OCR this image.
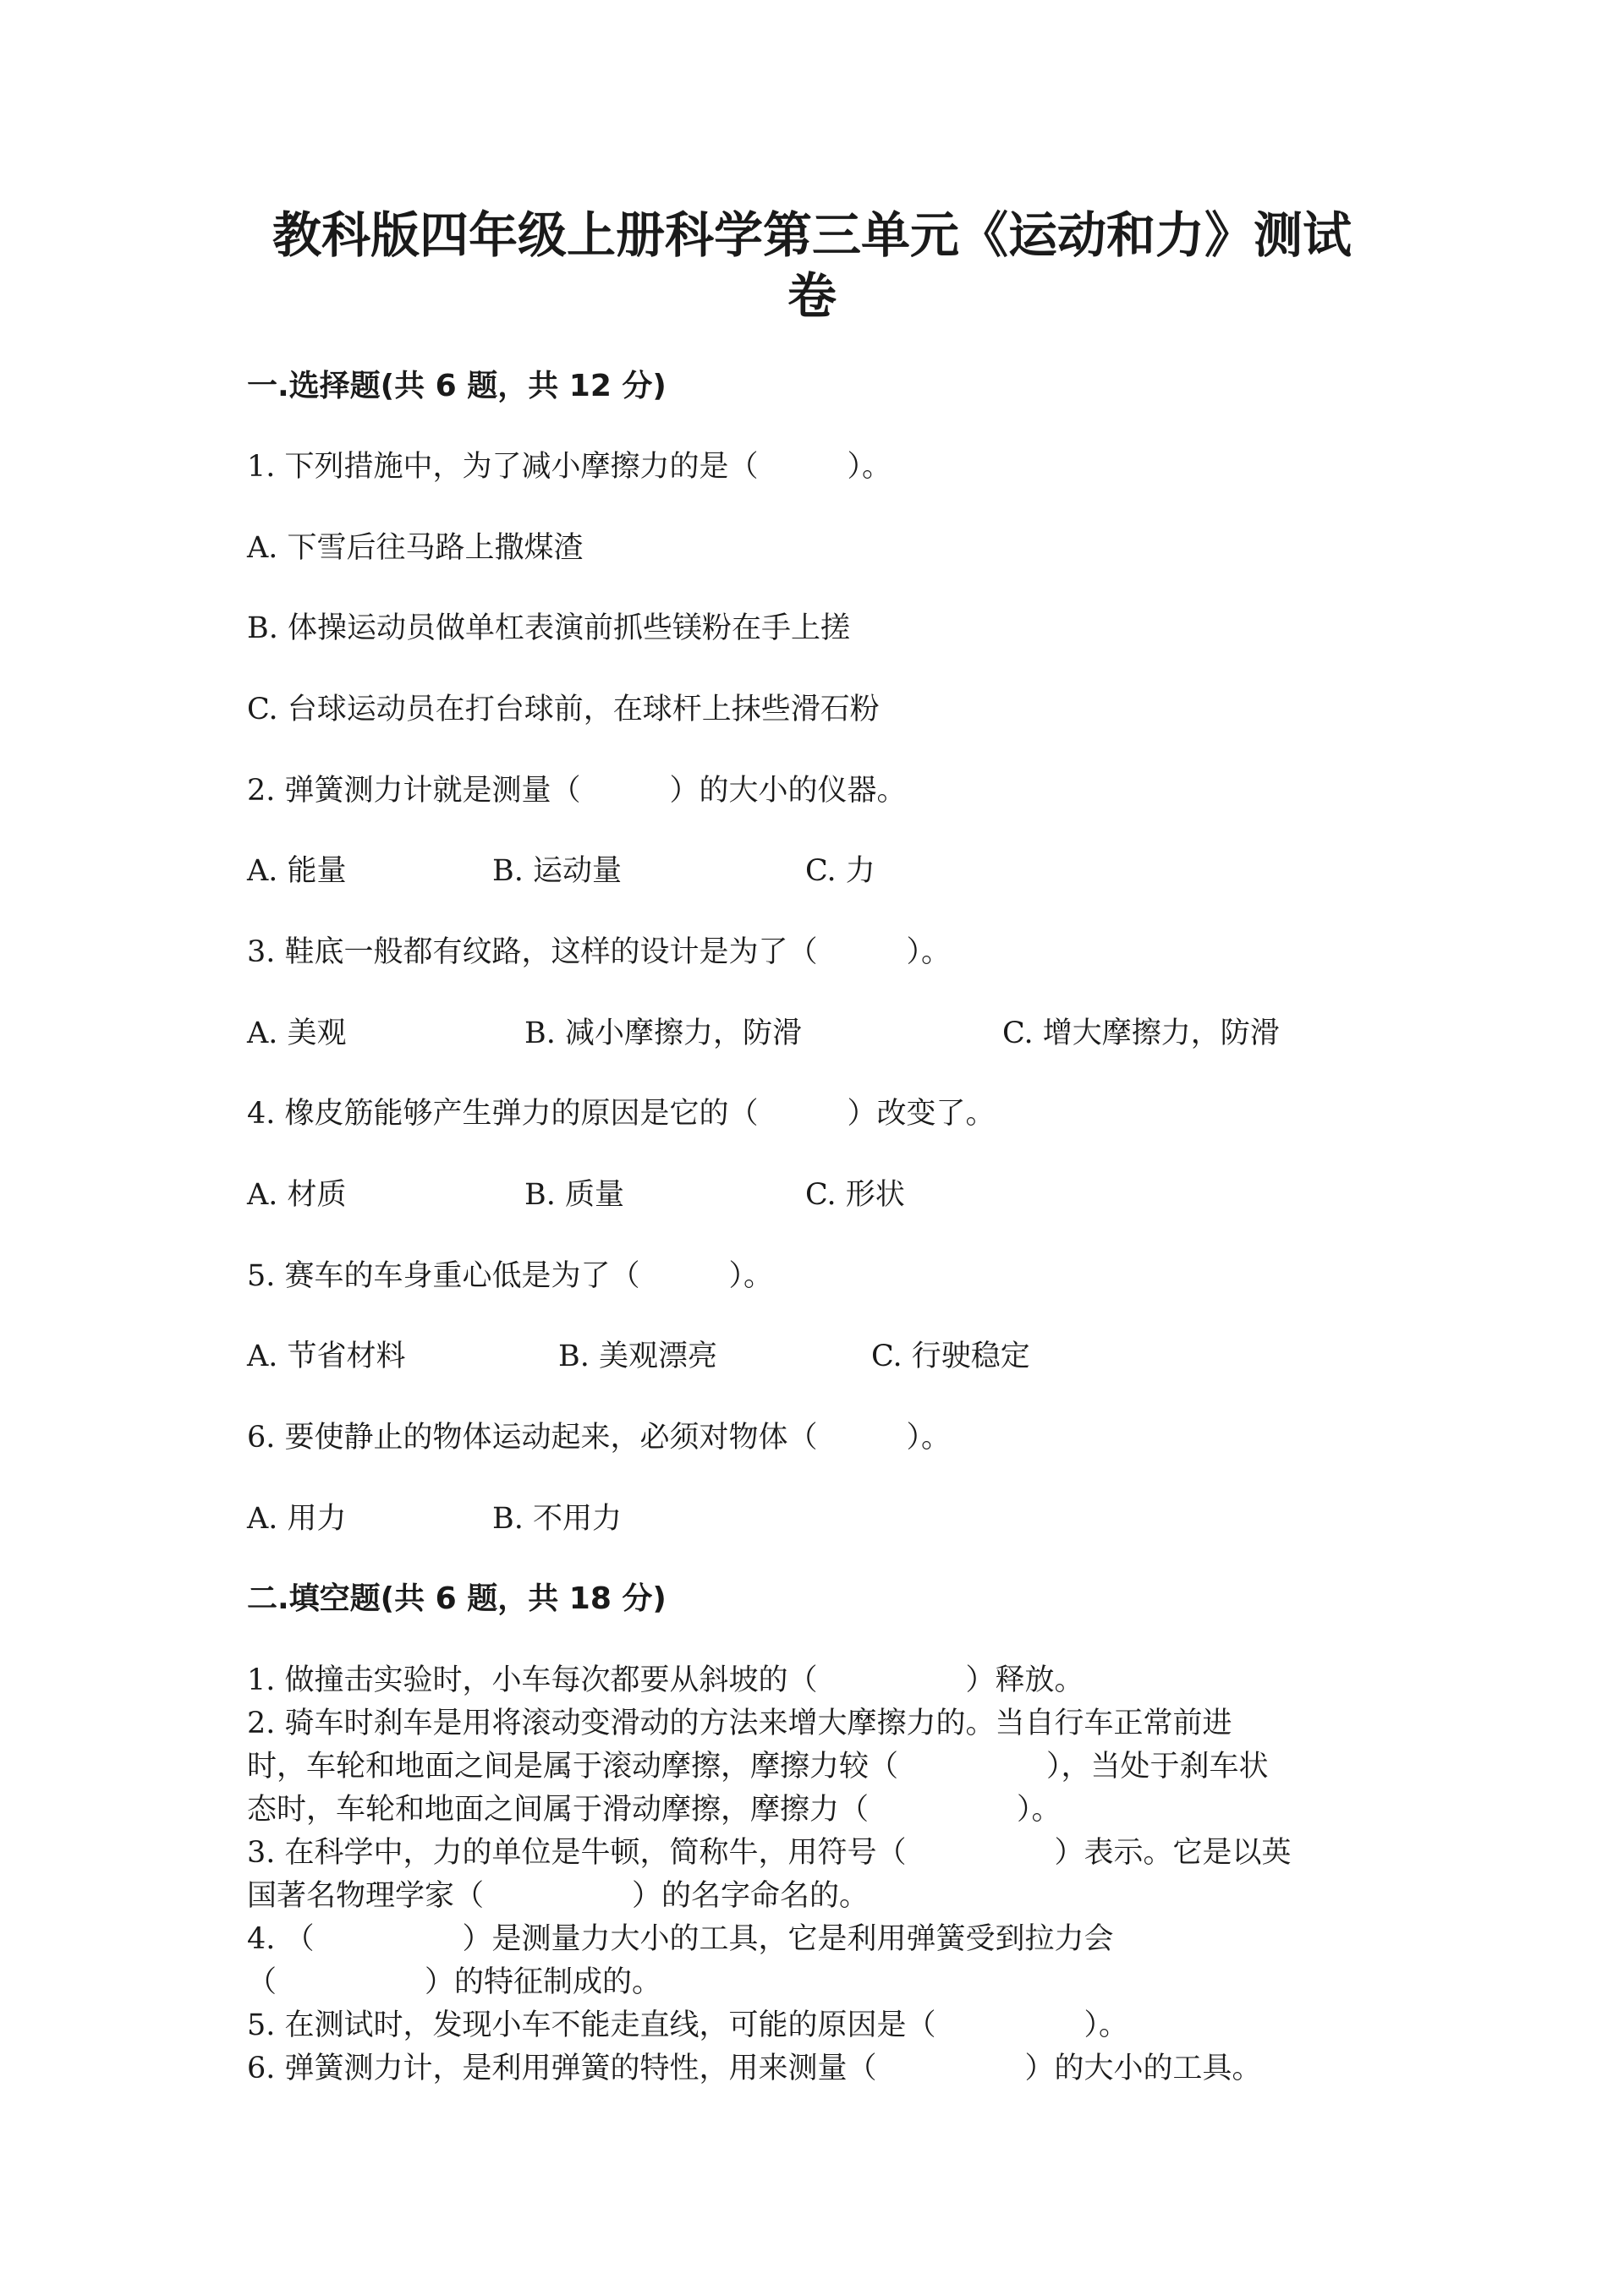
教科版四年级上册科学第三单元《运动和力》测试
卷
一.选择题(共 6 题，共 12 分)
1. 下列措施中，为了减小摩擦力的是（　　　）。
A. 下雪后往马路上撒煤渣
B. 体操运动员做单杠表演前抓些镁粉在手上搓
C. 台球运动员在打台球前，在球杆上抹些滑石粉
2. 弹簧测力计就是测量（　　　）的大小的仪器。
A. 能量	B. 运动量	C. 力
3. 鞋底一般都有纹路，这样的设计是为了（　　　）。
A. 美观	B. 减小摩擦力，防滑	C. 增大摩擦力，防滑
4. 橡皮筋能够产生弹力的原因是它的（　　　）改变了。
A. 材质	B. 质量	C. 形状
5. 赛车的车身重心低是为了（　　　）。
A. 节省材料	B. 美观漂亮	C. 行驶稳定
6. 要使静止的物体运动起来，必须对物体（　　　）。
A. 用力	B. 不用力
二.填空题(共 6 题，共 18 分)
1. 做撞击实验时，小车每次都要从斜坡的（　　　　　）释放。
2. 骑车时刹车是用将滚动变滑动的方法来增大摩擦力的。当自行车正常前进
时，车轮和地面之间是属于滚动摩擦，摩擦力较（　　　　　），当处于刹车状
态时，车轮和地面之间属于滑动摩擦，摩擦力（　　　　　）。
3. 在科学中，力的单位是牛顿，简称牛，用符号（　　　　　）表示。它是以英
国著名物理学家（　　　　　）的名字命名的。
4. （　　　　　）是测量力大小的工具，它是利用弹簧受到拉力会
（　　　　　）的特征制成的。
5. 在测试时，发现小车不能走直线，可能的原因是（　　　　　）。
6. 弹簧测力计，是利用弹簧的特性，用来测量（　　　　　）的大小的工具。
